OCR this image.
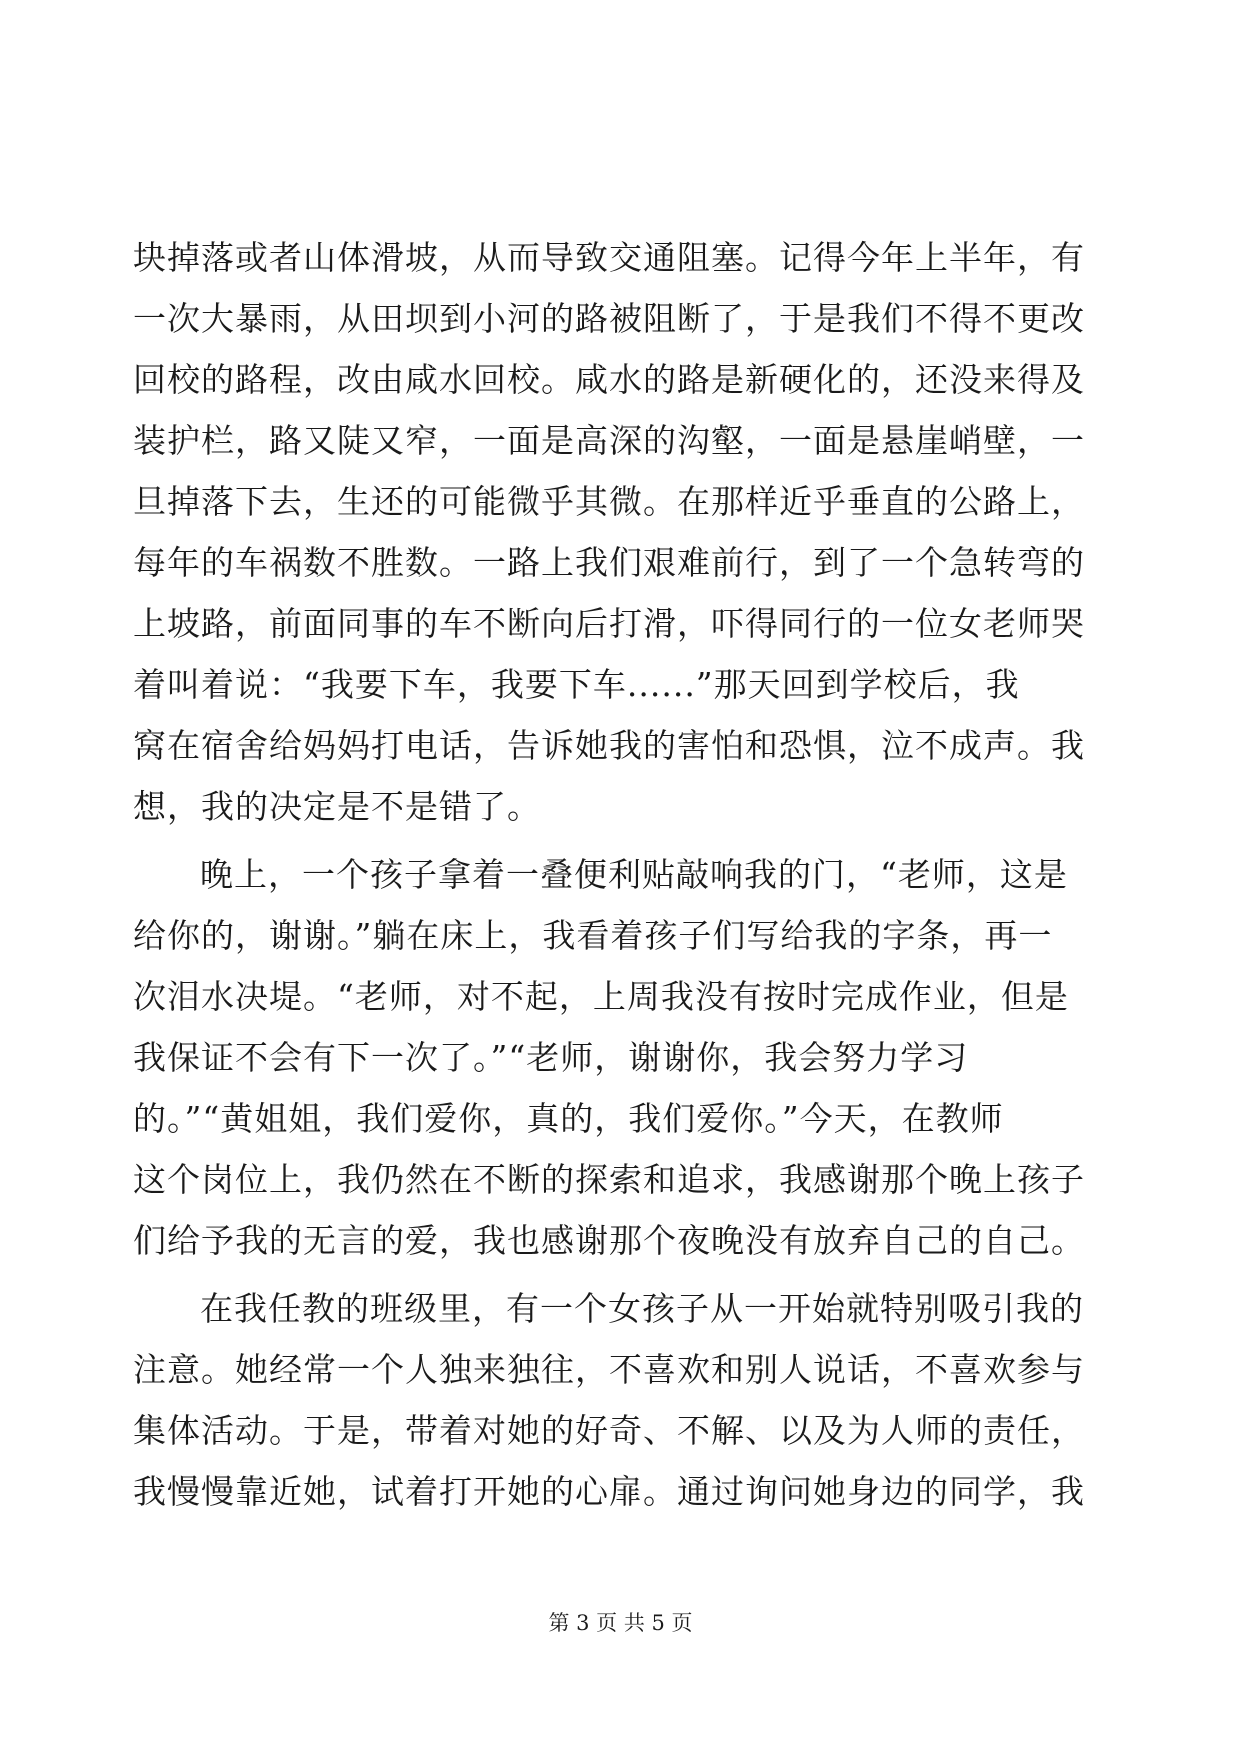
块掉落或者山体滑坡，从而导致交通阻塞。记得今年上半年，有
一次大暴雨，从田坝到小河的路被阻断了，于是我们不得不更改
回校的路程，改由咸水回校。咸水的路是新硬化的，还没来得及
装护栏，路又陡又窄，一面是高深的沟壑，一面是悬崖峭壁，一
旦掉落下去，生还的可能微乎其微。在那样近乎垂直的公路上，
每年的车祸数不胜数。一路上我们艰难前行，到了一个急转弯的
上坡路，前面同事的车不断向后打滑，吓得同行的一位女老师哭
着叫着说：“我要下车，我要下车......”那天回到学校后，我
窝在宿舍给妈妈打电话，告诉她我的害怕和恐惧，泣不成声。我
想，我的决定是不是错了。
晚上，一个孩子拿着一叠便利贴敲响我的门，“老师，这是
给你的，谢谢。”躺在床上，我看着孩子们写给我的字条，再一
次泪水决堤。“老师，对不起，上周我没有按时完成作业，但是
我保证不会有下一次了。”“老师，谢谢你，我会努力学习
的。”“黄姐姐，我们爱你，真的，我们爱你。”今天，在教师
这个岗位上，我仍然在不断的探索和追求，我感谢那个晚上孩子
们给予我的无言的爱，我也感谢那个夜晚没有放弃自己的自己。
在我任教的班级里，有一个女孩子从一开始就特别吸引我的
注意。她经常一个人独来独往，不喜欢和别人说话，不喜欢参与
集体活动。于是，带着对她的好奇、不解、以及为人师的责任，
我慢慢靠近她，试着打开她的心扉。通过询问她身边的同学，我
第 3 页 共 5 页
